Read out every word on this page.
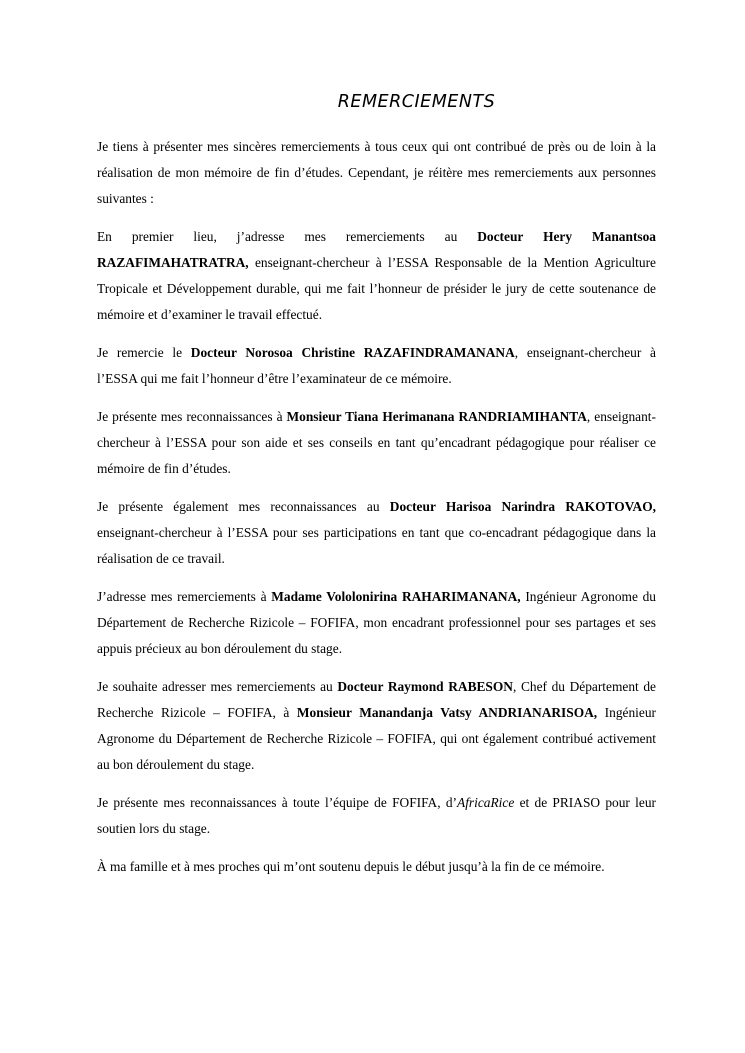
REMERCIEMENTS

Je tiens à présenter mes sincères remerciements à tous ceux qui ont contribué de près ou de loin à la réalisation de mon mémoire de fin d’études. Cependant, je réitère mes remerciements aux personnes suivantes :

En premier lieu, j’adresse mes remerciements au Docteur Hery Manantsoa RAZAFIMAHATRATRA, enseignant-chercheur à l’ESSA Responsable de la Mention Agriculture Tropicale et Développement durable, qui me fait l’honneur de présider le jury de cette soutenance de mémoire et d’examiner le travail effectué.

Je remercie le Docteur Norosoa Christine RAZAFINDRAMANANA, enseignant-chercheur à l’ESSA qui me fait l’honneur d’être l’examinateur de ce mémoire.

Je présente mes reconnaissances à Monsieur Tiana Herimanana RANDRIAMIHANTA, enseignant-chercheur à l’ESSA pour son aide et ses conseils en tant qu’encadrant pédagogique pour réaliser ce mémoire de fin d’études.

Je présente également mes reconnaissances au Docteur Harisoa Narindra RAKOTOVAO, enseignant-chercheur à l’ESSA pour ses participations en tant que co-encadrant pédagogique dans la réalisation de ce travail.

J’adresse mes remerciements à Madame Vololonirina RAHARIMANANA, Ingénieur Agronome du Département de Recherche Rizicole – FOFIFA, mon encadrant professionnel pour ses partages et ses appuis précieux au bon déroulement du stage.

Je souhaite adresser mes remerciements au Docteur Raymond RABESON, Chef du Département de Recherche Rizicole – FOFIFA, à Monsieur Manandanja Vatsy ANDRIANARISOA, Ingénieur Agronome du Département de Recherche Rizicole – FOFIFA, qui ont également contribué activement au bon déroulement du stage.

Je présente mes reconnaissances à toute l’équipe de FOFIFA, d’AfricaRice et de PRIASO pour leur soutien lors du stage.

À ma famille et à mes proches qui m’ont soutenu depuis le début jusqu’à la fin de ce mémoire.
